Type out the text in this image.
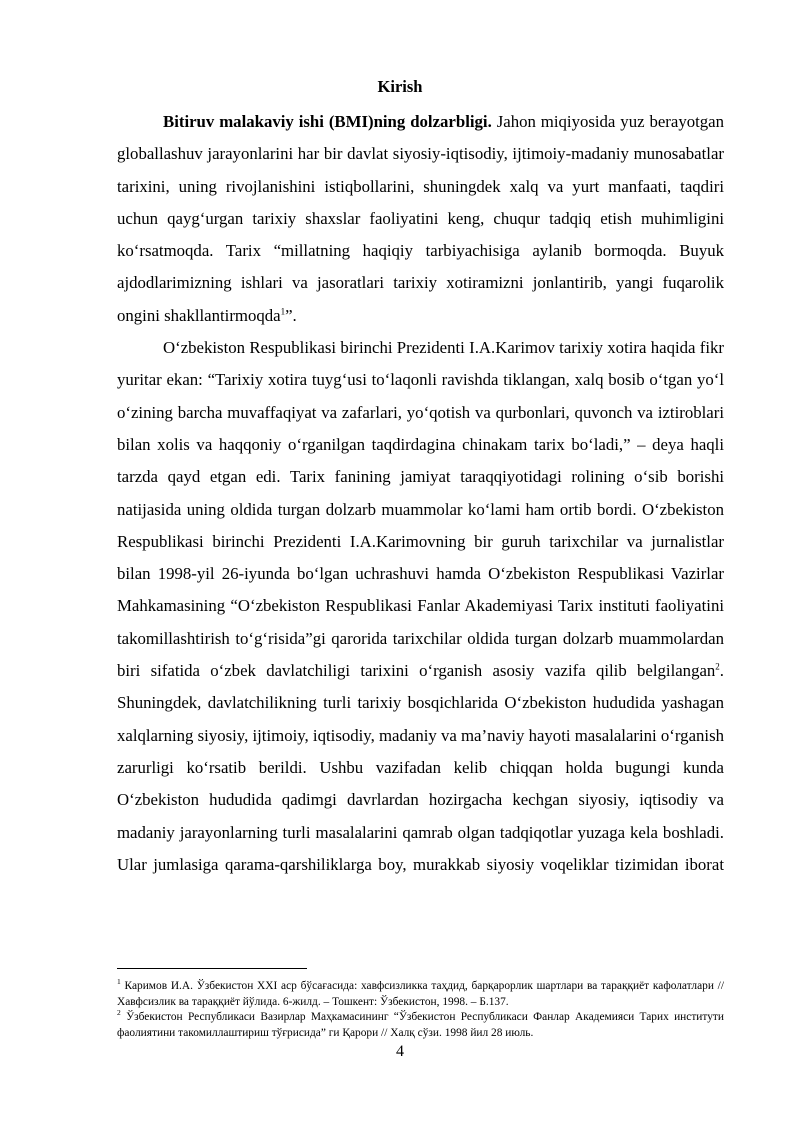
Kirish

Bitiruv malakaviy ishi (BMI)ning dolzarbligi. Jahon miqiyosida yuz berayotgan globallashuv jarayonlarini har bir davlat siyosiy-iqtisodiy, ijtimoiy-madaniy munosabatlar tarixini, uning rivojlanishini istiqbollarini, shuningdek xalq va yurt manfaati, taqdiri uchun qayg‘urgan tarixiy shaxslar faoliyatini keng, chuqur tadqiq etish muhimligini ko‘rsatmoqda. Tarix “millatning haqiqiy tarbiyachisiga aylanib bormoqda. Buyuk ajdodlarimizning ishlari va jasoratlari tarixiy xotiramizni jonlantirib, yangi fuqarolik ongini shakllantirmoqda$^1$”.

O‘zbekiston Respublikasi birinchi Prezidenti I.A.Karimov tarixiy xotira haqida fikr yuritar ekan: “Tarixiy xotira tuyg‘usi to‘laqonli ravishda tiklangan, xalq bosib o‘tgan yo‘l o‘zining barcha muvaffaqiyat va zafarlari, yo‘qotish va qurbonlari, quvonch va iztiroblari bilan xolis va haqqoniy o‘rganilgan taqdirdagina chinakam tarix bo‘ladi,” – deya haqli tarzda qayd etgan edi. Tarix fanining jamiyat taraqqiyotidagi rolining o‘sib borishi natijasida uning oldida turgan dolzarb muammolar ko‘lami ham ortib bordi. O‘zbekiston Respublikasi birinchi Prezidenti I.A.Karimovning bir guruh tarixchilar va jurnalistlar bilan 1998-yil 26-iyunda bo‘lgan uchrashuvi hamda O‘zbekiston Respublikasi Vazirlar Mahkamasining “O‘zbekiston Respublikasi Fanlar Akademiyasi Tarix instituti faoliyatini takomillashtirish to‘g‘risida”gi qarorida tarixchilar oldida turgan dolzarb muammolardan biri sifatida o‘zbek davlatchiligi tarixini o‘rganish asosiy vazifa qilib belgilangan$^2$. Shuningdek, davlatchilikning turli tarixiy bosqichlarida O‘zbekiston hududida yashagan xalqlarning siyosiy, ijtimoiy, iqtisodiy, madaniy va ma’naviy hayoti masalalarini o‘rganish zarurligi ko‘rsatib berildi. Ushbu vazifadan kelib chiqqan holda bugungi kunda O‘zbekiston hududida qadimgi davrlardan hozirgacha kechgan siyosiy, iqtisodiy va madaniy jarayonlarning turli masalalarini qamrab olgan tadqiqotlar yuzaga kela boshladi. Ular jumlasiga qarama-qarshiliklarga boy, murakkab siyosiy voqeliklar tizimidan iborat

$^1$ Каримов И.А. Ўзбекистон XXI аср бўсағасида: хавфсизликка таҳдид, барқарорлик шартлари ва тараққиёт кафолатлари // Хавфсизлик ва тараққиёт йўлида. 6-жилд. – Тошкент: Ўзбекистон, 1998. – Б.137.

$^2$ Ўзбекистон Республикаси Вазирлар Маҳкамасининг “Ўзбекистон Республикаси Фанлар Академияси Тарих институти фаолиятини такомиллаштириш тўғрисида” ги Қарори // Халқ сўзи. 1998 йил 28 июль.

4
